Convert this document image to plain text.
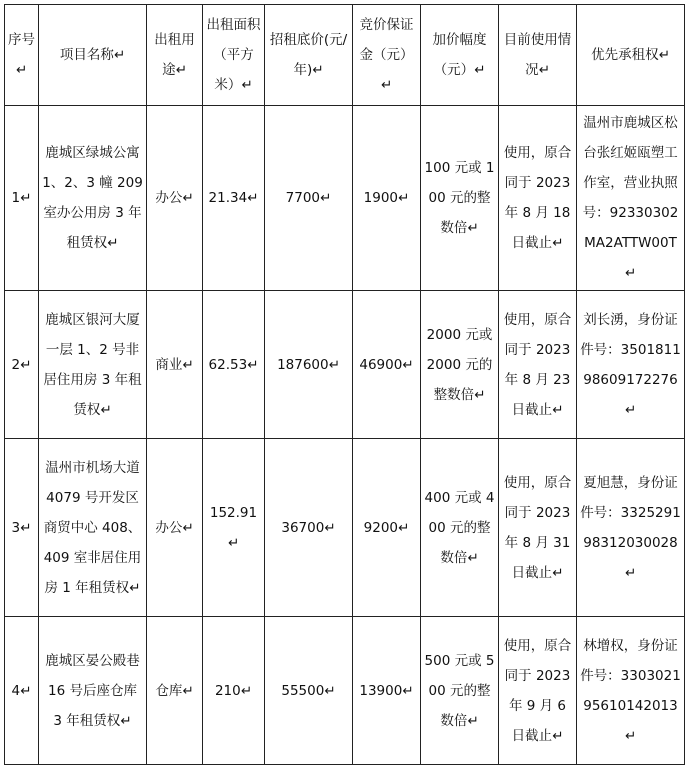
序号↵	项目名称↵	出租用途↵	出租面积（平方米）↵	招租底价(元/年)↵	竞价保证金（元）↵	加价幅度（元）↵	目前使用情况↵	优先承租权↵
1↵	鹿城区绿城公寓 1、2、3 幢 209 室办公用房 3 年租赁权↵	办公↵	21.34↵	7700↵	1900↵	100 元或 100 元的整数倍↵	使用，原合同于 2023 年 8 月 18 日截止↵	温州市鹿城区松台张红姬瓯塑工作室，营业执照号：92330302MA2ATTW00T↵
2↵	鹿城区银河大厦一层 1、2 号非居住用房 3 年租赁权↵	商业↵	62.53↵	187600↵	46900↵	2000 元或 2000 元的整数倍↵	使用，原合同于 2023 年 8 月 23 日截止↵	刘长湧，身份证件号：350181198609172276↵
3↵	温州市机场大道 4079 号开发区商贸中心 408、409 室非居住用房 1 年租赁权↵	办公↵	152.91↵	36700↵	9200↵	400 元或 400 元的整数倍↵	使用，原合同于 2023 年 8 月 31 日截止↵	夏旭慧，身份证件号：332529198312030028↵
4↵	鹿城区晏公殿巷 16 号后座仓库 3 年租赁权↵	仓库↵	210↵	55500↵	13900↵	500 元或 500 元的整数倍↵	使用，原合同于 2023 年 9 月 6 日截止↵	林增权，身份证件号：330302195610142013↵
